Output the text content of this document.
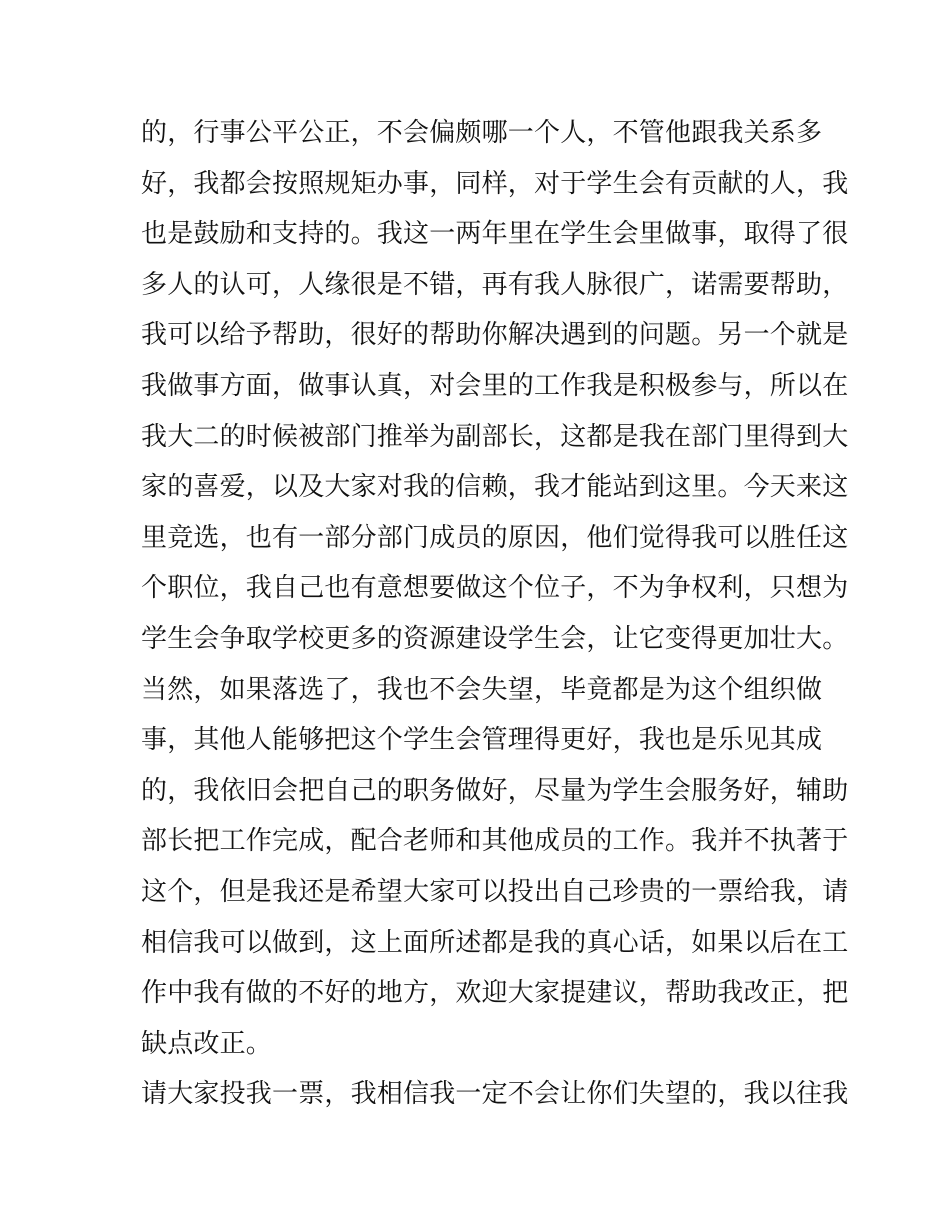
的，行事公平公正，不会偏颇哪一个人，不管他跟我关系多
好，我都会按照规矩办事，同样，对于学生会有贡献的人，我
也是鼓励和支持的。我这一两年里在学生会里做事，取得了很
多人的认可，人缘很是不错，再有我人脉很广，诺需要帮助，
我可以给予帮助，很好的帮助你解决遇到的问题。另一个就是
我做事方面，做事认真，对会里的工作我是积极参与，所以在
我大二的时候被部门推举为副部长，这都是我在部门里得到大
家的喜爱，以及大家对我的信赖，我才能站到这里。今天来这
里竞选，也有一部分部门成员的原因，他们觉得我可以胜任这
个职位，我自己也有意想要做这个位子，不为争权利，只想为
学生会争取学校更多的资源建设学生会，让它变得更加壮大。
当然，如果落选了，我也不会失望，毕竟都是为这个组织做
事，其他人能够把这个学生会管理得更好，我也是乐见其成
的，我依旧会把自己的职务做好，尽量为学生会服务好，辅助
部长把工作完成，配合老师和其他成员的工作。我并不执著于
这个，但是我还是希望大家可以投出自己珍贵的一票给我，请
相信我可以做到，这上面所述都是我的真心话，如果以后在工
作中我有做的不好的地方，欢迎大家提建议，帮助我改正，把
缺点改正。
请大家投我一票，我相信我一定不会让你们失望的，我以往我
